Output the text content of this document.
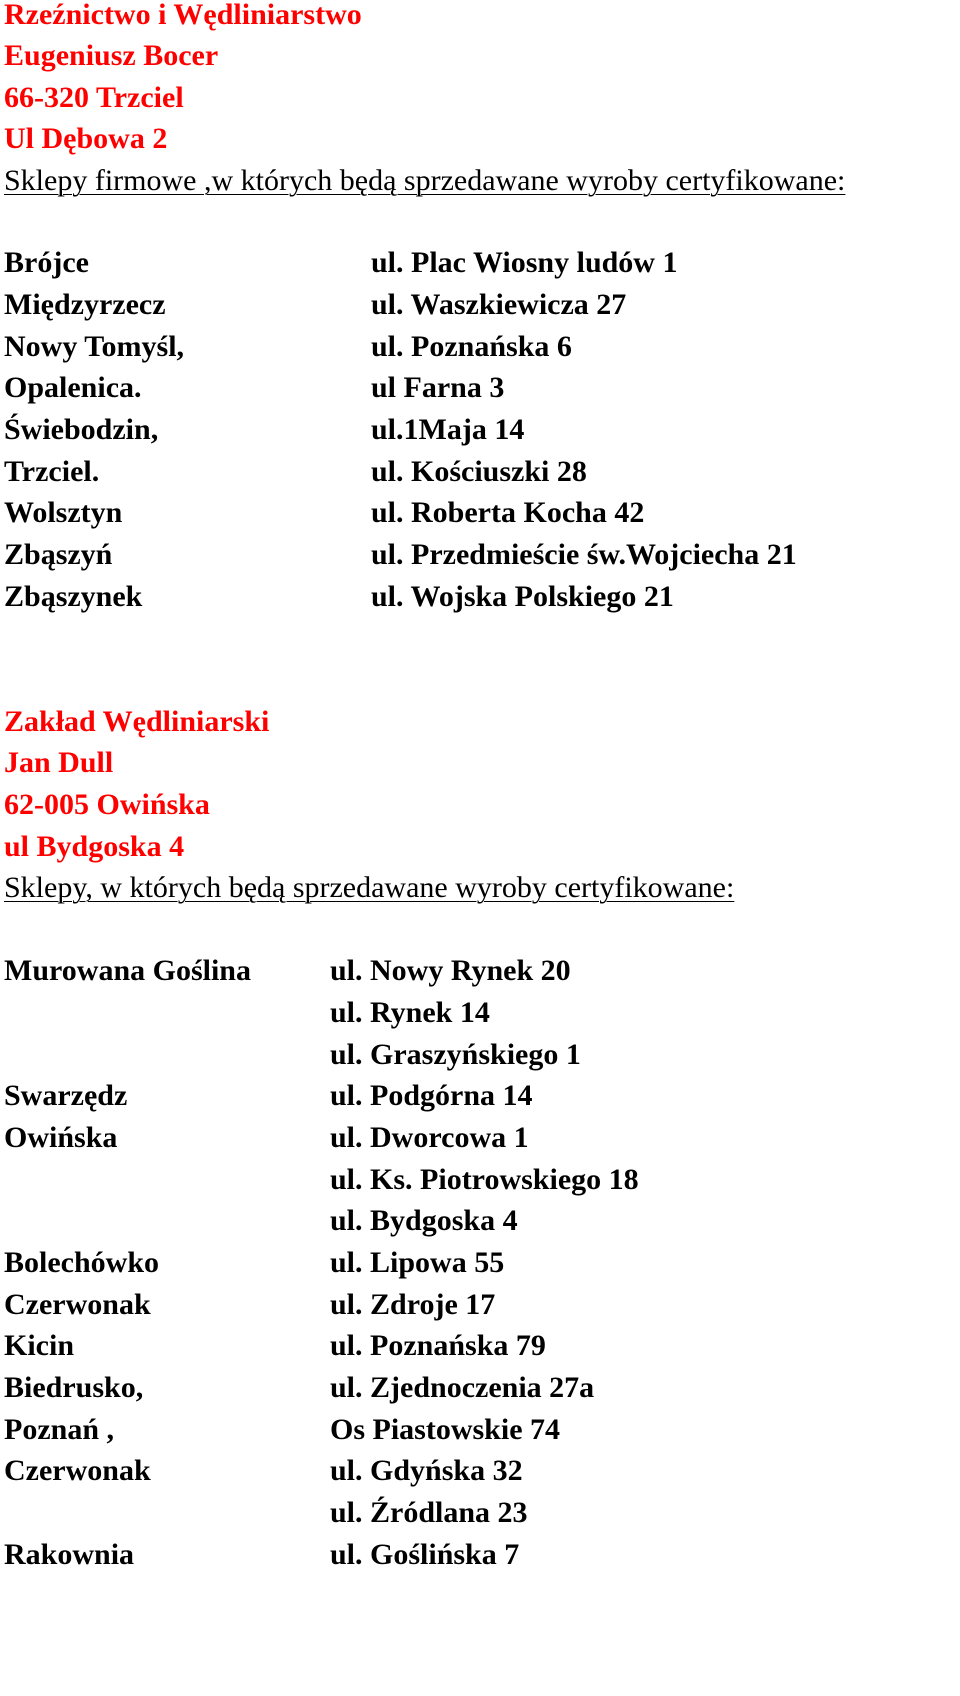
Rzeźnictwo i Wędliniarstwo
Eugeniusz Bocer
66-320 Trzciel
Ul Dębowa 2
Sklepy firmowe ,w których będą sprzedawane wyroby certyfikowane:
Brójce	ul. Plac Wiosny ludów 1
Międzyrzecz	ul. Waszkiewicza 27
Nowy Tomyśl,	ul. Poznańska 6
Opalenica.	ul Farna 3
Świebodzin,	ul.1Maja 14
Trzciel.	ul. Kościuszki 28
Wolsztyn	ul. Roberta Kocha 42
Zbąszyń	ul. Przedmieście św.Wojciecha 21
Zbąszynek	ul. Wojska Polskiego 21
Zakład Wędliniarski
Jan Dull
62-005 Owińska
ul Bydgoska 4
Sklepy, w których będą sprzedawane wyroby certyfikowane:
Murowana Goślina	ul. Nowy Rynek 20
ul. Rynek 14
ul. Graszyńskiego 1
Swarzędz	ul. Podgórna 14
Owińska	ul. Dworcowa 1
ul. Ks. Piotrowskiego 18
ul. Bydgoska 4
Bolechówko	ul. Lipowa 55
Czerwonak	ul. Zdroje 17
Kicin	ul. Poznańska 79
Biedrusko,	ul. Zjednoczenia 27a
Poznań ,	Os Piastowskie 74
Czerwonak	ul. Gdyńska 32
ul. Źródlana 23
Rakownia	ul. Goślińska 7
